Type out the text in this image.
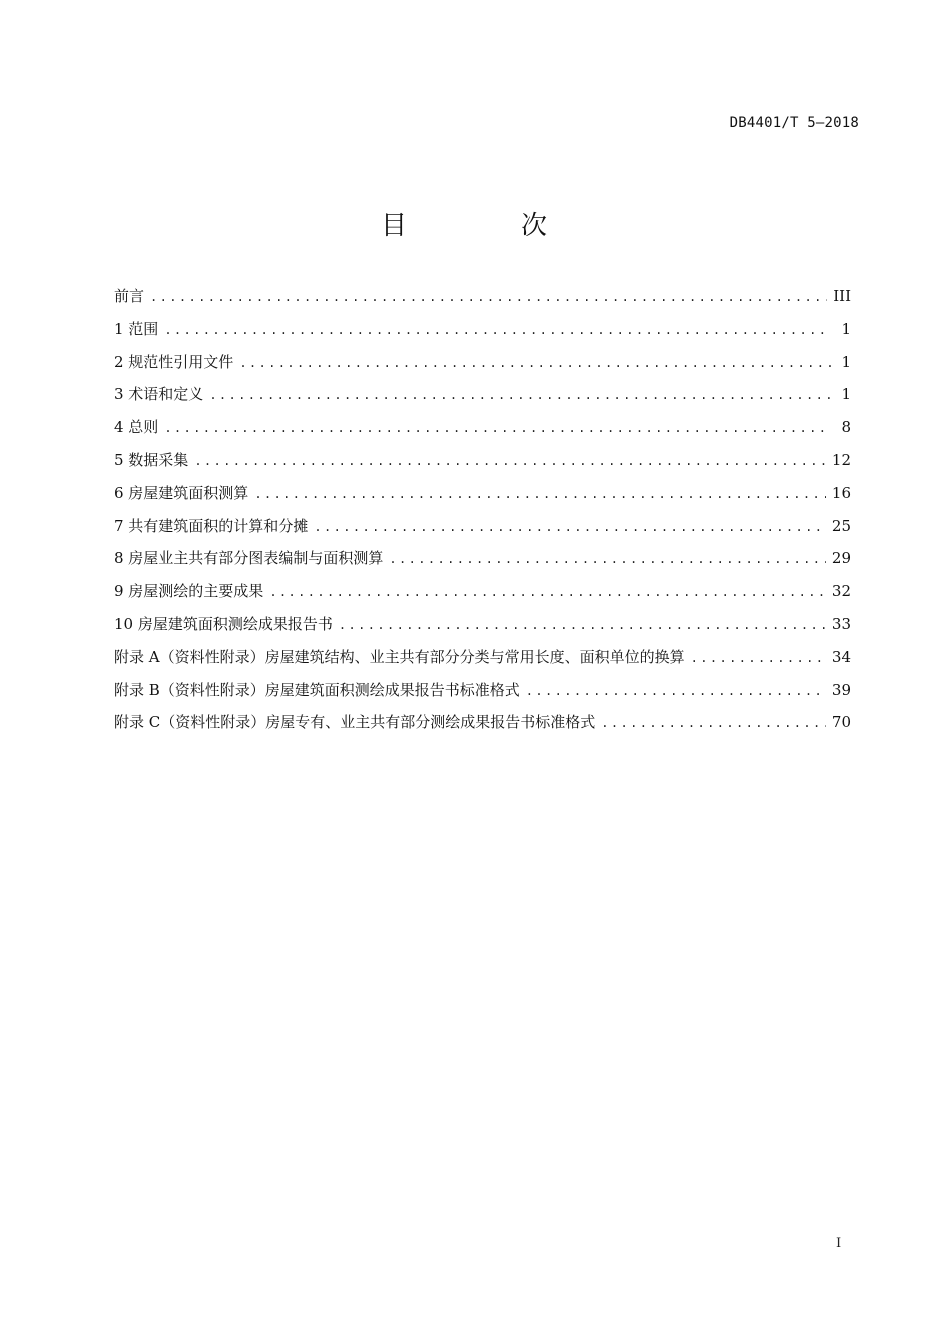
DB4401/T 5—2018
目　次
前言 .....	III
1 范围 .....	1
2 规范性引用文件 .....	1
3 术语和定义 .....	1
4 总则 .....	8
5 数据采集 .....	12
6 房屋建筑面积测算 .....	16
7 共有建筑面积的计算和分摊 .....	25
8 房屋业主共有部分图表编制与面积测算 .....	29
9 房屋测绘的主要成果 .....	32
10 房屋建筑面积测绘成果报告书 .....	33
附录 A（资料性附录）房屋建筑结构、业主共有部分分类与常用长度、面积单位的换算 .....	34
附录 B（资料性附录）房屋建筑面积测绘成果报告书标准格式 .....	39
附录 C（资料性附录）房屋专有、业主共有部分测绘成果报告书标准格式 .....	70
I
